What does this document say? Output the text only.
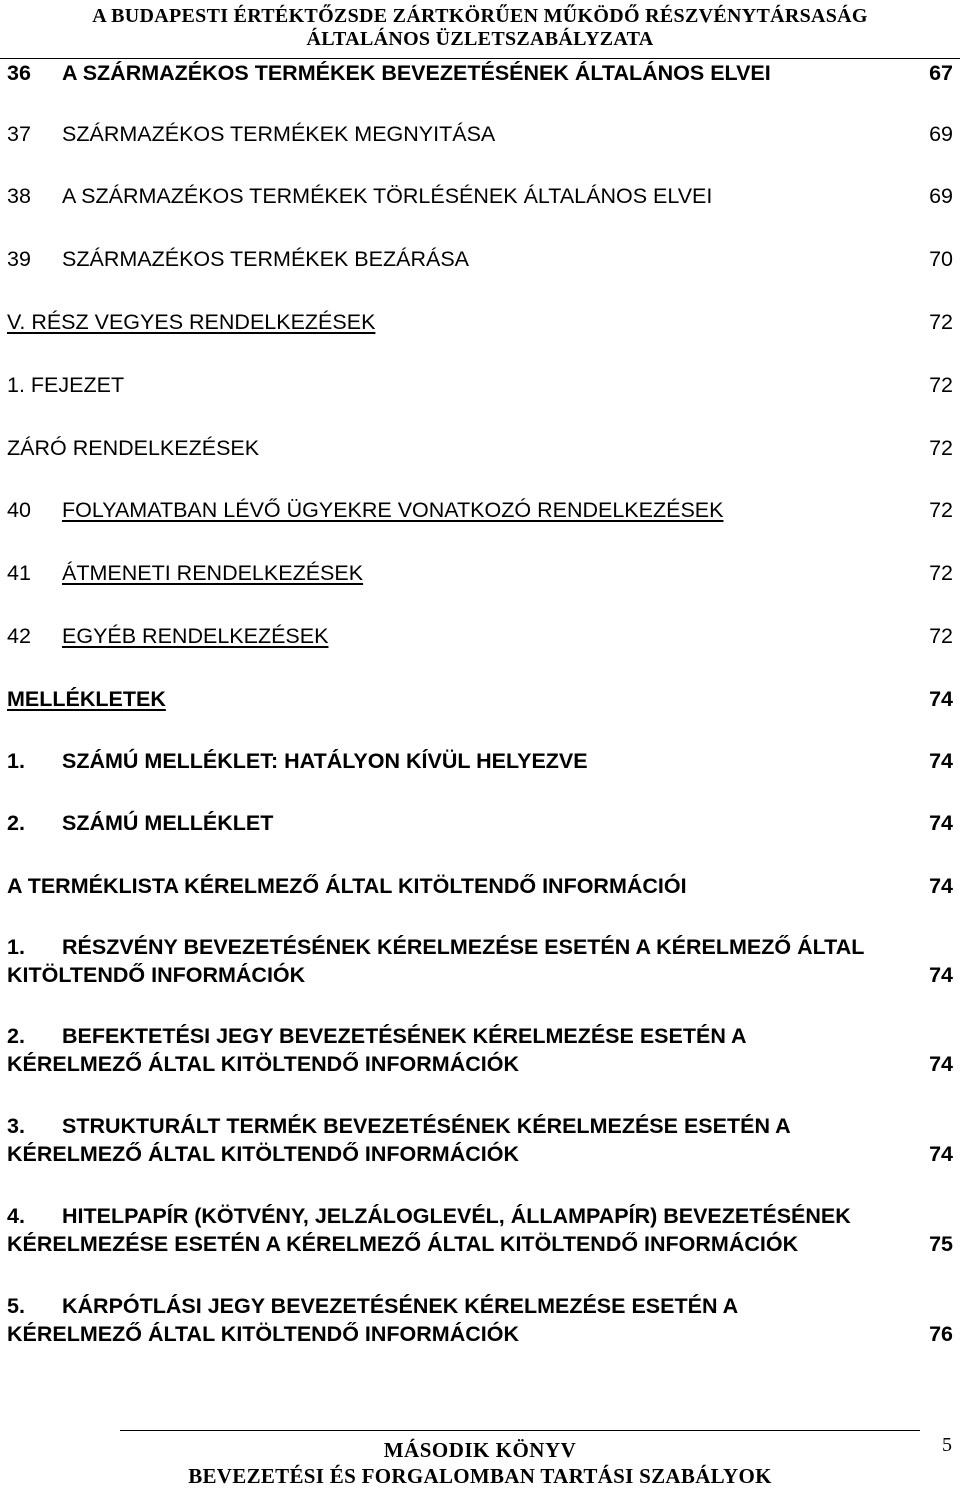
A BUDAPESTI ÉRTÉKTŐZSDE ZÁRTKÖRŰEN MŰKÖDŐ RÉSZVÉNYTÁRSASÁG
ÁLTALÁNOS ÜZLETSZABÁLYZATA
36 A SZÁRMAZÉKOS TERMÉKEK BEVEZETÉSÉNEK ÁLTALÁNOS ELVEI	67
37 SZÁRMAZÉKOS TERMÉKEK MEGNYITÁSA	69
38 A SZÁRMAZÉKOS TERMÉKEK TÖRLÉSÉNEK ÁLTALÁNOS ELVEI	69
39 SZÁRMAZÉKOS TERMÉKEK BEZÁRÁSA	70
V. RÉSZ VEGYES RENDELKEZÉSEK	72
1. FEJEZET	72
ZÁRÓ RENDELKEZÉSEK	72
40 FOLYAMATBAN LÉVŐ ÜGYEKRE VONATKOZÓ RENDELKEZÉSEK	72
41 ÁTMENETI RENDELKEZÉSEK	72
42 EGYÉB RENDELKEZÉSEK	72
MELLÉKLETEK	74
1. SZÁMÚ MELLÉKLET: HATÁLYON KÍVÜL HELYEZVE	74
2. SZÁMÚ MELLÉKLET	74
A TERMÉKLISTA KÉRELMEZŐ ÁLTAL KITÖLTENDŐ INFORMÁCIÓI	74
1. RÉSZVÉNY BEVEZETÉSÉNEK KÉRELMEZÉSE ESETÉN A KÉRELMEZŐ ÁLTAL
KITÖLTENDŐ INFORMÁCIÓK	74
2. BEFEKTETÉSI JEGY BEVEZETÉSÉNEK KÉRELMEZÉSE ESETÉN A
KÉRELMEZŐ ÁLTAL KITÖLTENDŐ INFORMÁCIÓK	74
3. STRUKTURÁLT TERMÉK BEVEZETÉSÉNEK KÉRELMEZÉSE ESETÉN A
KÉRELMEZŐ ÁLTAL KITÖLTENDŐ INFORMÁCIÓK	74
4. HITELPAPÍR (KÖTVÉNY, JELZÁLOGLEVÉL, ÁLLAMPAPÍR) BEVEZETÉSÉNEK
KÉRELMEZÉSE ESETÉN A KÉRELMEZŐ ÁLTAL KITÖLTENDŐ INFORMÁCIÓK	75
5. KÁRPÓTLÁSI JEGY BEVEZETÉSÉNEK KÉRELMEZÉSE ESETÉN A
KÉRELMEZŐ ÁLTAL KITÖLTENDŐ INFORMÁCIÓK	76
MÁSODIK KÖNYV
BEVEZETÉSI ÉS FORGALOMBAN TARTÁSI SZABÁLYOK
5
